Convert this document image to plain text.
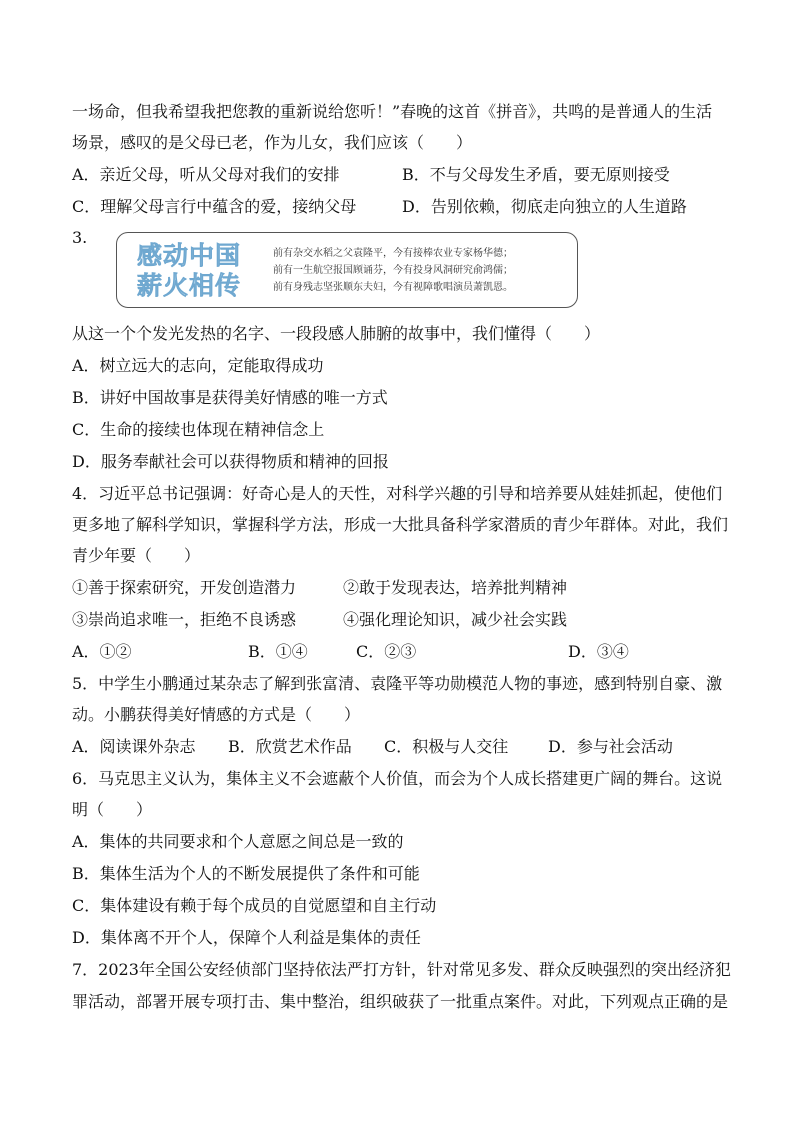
一场命，但我希望我把您教的重新说给您听！”春晚的这首《拼音》，共鸣的是普通人的生活
场景，感叹的是父母已老，作为儿女，我们应该（　　）
A．亲近父母，听从父母对我们的安排	B．不与父母发生矛盾，要无原则接受
C．理解父母言行中蕴含的爱，接纳父母	D．告别依赖，彻底走向独立的人生道路
3.
感动中国
薪火相传
前有杂交水稻之父袁隆平，今有接棒农业专家杨华德；
前有一生航空报国顾诵芬，今有投身风洞研究俞鸿儒；
前有身残志坚张顺东夫妇，今有视障歌唱演员萧凯恩。
从这一个个发光发热的名字、一段段感人肺腑的故事中，我们懂得（　　）
A．树立远大的志向，定能取得成功
B．讲好中国故事是获得美好情感的唯一方式
C．生命的接续也体现在精神信念上
D．服务奉献社会可以获得物质和精神的回报
4．习近平总书记强调：好奇心是人的天性，对科学兴趣的引导和培养要从娃娃抓起，使他们
更多地了解科学知识，掌握科学方法，形成一大批具备科学家潜质的青少年群体。对此，我们
青少年要（　　）
①善于探索研究，开发创造潜力	②敢于发现表达，培养批判精神
③崇尚追求唯一，拒绝不良诱惑	④强化理论知识，减少社会实践
A．①②	B．①④	C．②③	D．③④
5．中学生小鹏通过某杂志了解到张富清、袁隆平等功勋模范人物的事迹，感到特别自豪、激
动。小鹏获得美好情感的方式是（　　）
A．阅读课外杂志 B．欣赏艺术作品 C．积极与人交往 D．参与社会活动
6．马克思主义认为，集体主义不会遮蔽个人价值，而会为个人成长搭建更广阔的舞台。这说
明（　　）
A．集体的共同要求和个人意愿之间总是一致的
B．集体生活为个人的不断发展提供了条件和可能
C．集体建设有赖于每个成员的自觉愿望和自主行动
D．集体离不开个人，保障个人利益是集体的责任
7．2023年全国公安经侦部门坚持依法严打方针，针对常见多发、群众反映强烈的突出经济犯
罪活动，部署开展专项打击、集中整治，组织破获了一批重点案件。对此，下列观点正确的是
